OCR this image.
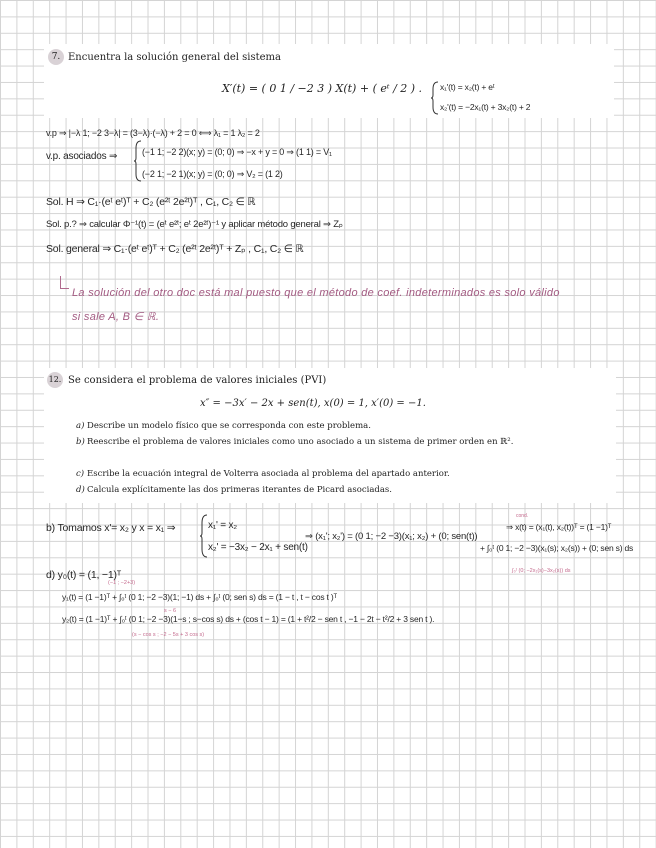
7. Encuentra la solución general del sistema
X′(t) = ( 0 1 / −2 3 ) X(t) + ( eᵗ / 2 ) . x₁'(t) = x₂(t) + eᵗ
x₂'(t) = −2x₁(t) + 3x₂(t) + 2
v.p ⇒ |−λ 1; −2 3−λ| = (3−λ)·(−λ) + 2 = 0 ⟺ λ₁ = 1 λ₂ = 2
v.p. asociados ⇒	(−1 1; −2 2)(x; y) = (0; 0) ⇒ −x + y = 0 ⇒ (1 1) = V₁
(−2 1; −2 1)(x; y) = (0; 0) ⇒ V₂ = (1 2)
Sol. H ⇒ C₁·(eᵗ eᵗ)ᵀ + C₂ (e²ᵗ 2e²ᵗ)ᵀ , C₁, C₂ ∈ ℝ
Sol. p.? ⇒ calcular Φ⁻¹(t) = (eᵗ e²ᵗ; eᵗ 2e²ᵗ)⁻¹ y aplicar método general ⇒ Zₚ
Sol. general ⇒ C₁·(eᵗ eᵗ)ᵀ + C₂ (e²ᵗ 2e²ᵗ)ᵀ + Zₚ , C₁, C₂ ∈ ℝ
La solución del otro doc está mal puesto que el método de coef. indeterminados es solo válido
si sale A, B ∈ ℝ.
12. Se considera el problema de valores iniciales (PVI)
x″ = −3x′ − 2x + sen(t), x(0) = 1, x′(0) = −1.
a) Describe un modelo físico que se corresponda con este problema.
b) Reescribe el problema de valores iniciales como uno asociado a un sistema de primer orden en ℝ².
c) Escribe la ecuación integral de Volterra asociada al problema del apartado anterior.
d) Calcula explícitamente las dos primeras iterantes de Picard asociadas.
b) Tomamos x'= x₂ y x = x₁ ⇒	x₁' = x₂
x₂' = −3x₂ − 2x₁ + sen(t)
⇒ (x₁'; x₂') = (0 1; −2 −3)(x₁; x₂) + (0; sen(t))
cond.
⇒ x(t) = (x₁(t), x₂(t))ᵀ = (1 −1)ᵀ
+ ∫₀ᵗ (0 1; −2 −3)(x₁(s); x₂(s)) + (0; sen s) ds
∫₀ᵗ (0; −2x₁(s)−3x₂(s)) ds
d) y₀(t) = (1, −1)ᵀ
(−1 ; −2+3)
y₁(t) = (1 −1)ᵀ + ∫₀ᵗ (0 1; −2 −3)(1; −1) ds + ∫₀ᵗ (0; sen s) ds = (1 − t , t − cos t )ᵀ
s − 6
y₂(t) = (1 −1)ᵀ + ∫₀ᵗ (0 1; −2 −3)(1−s ; s−cos s) ds + (cos t − 1) = (1 + t²/2 − sen t , −1 − 2t − t²/2 + 3 sen t ).
(s − cos s ; −2 − 5s + 3 cos s)
